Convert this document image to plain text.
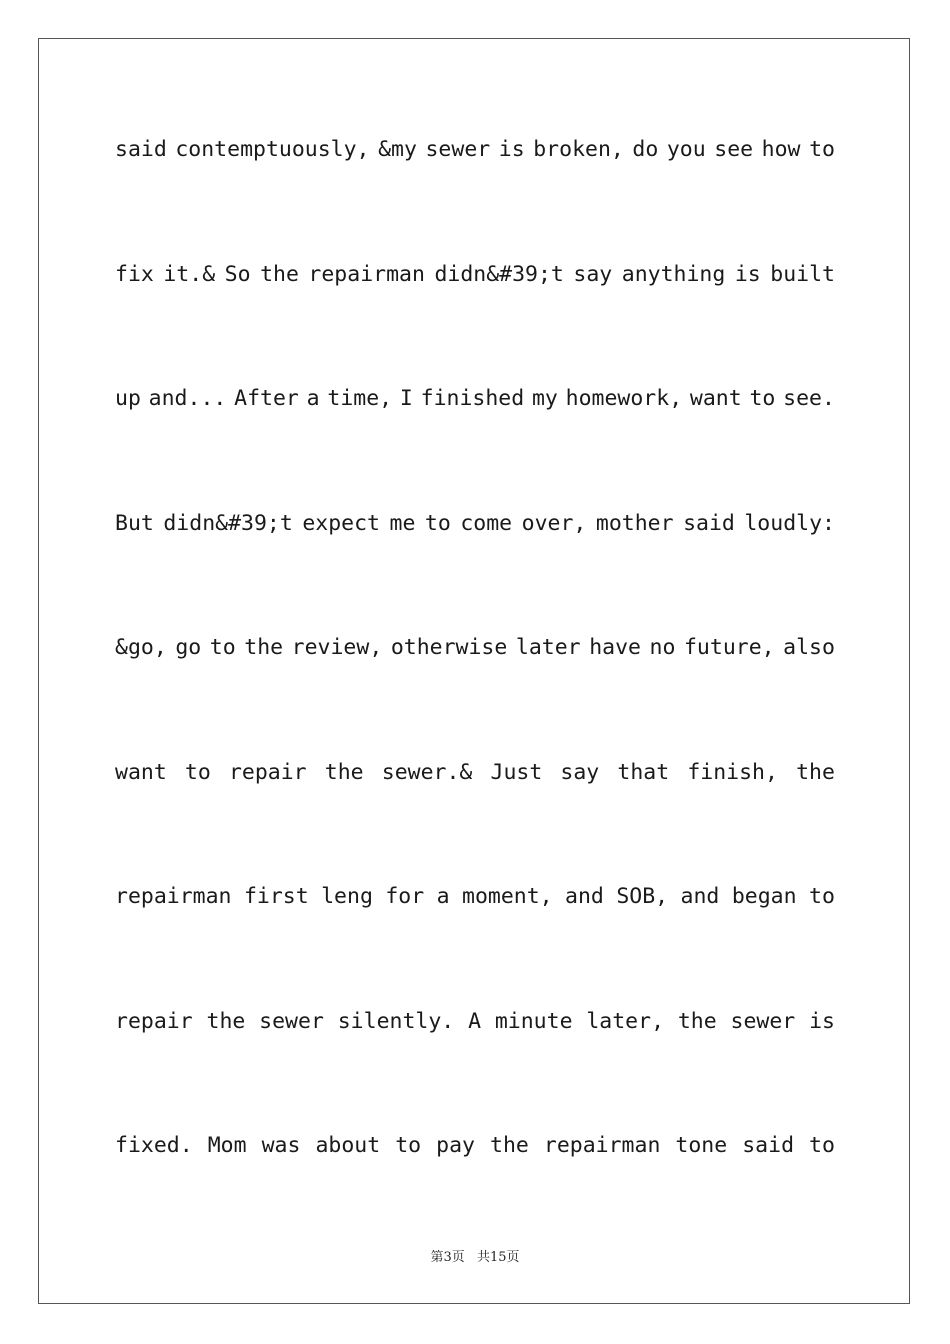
said contemptuously, &my sewer is broken, do you see how to
fix it.& So the repairman didn&#39;t say anything is built
up and... After a time, I finished my homework, want to see.
But didn&#39;t expect me to come over, mother said loudly:
&go, go to the review, otherwise later have no future, also
want to repair the sewer.& Just say that finish, the
repairman first leng for a moment, and SOB, and began to
repair the sewer silently. A minute later, the sewer is
fixed. Mom was about to pay the repairman tone said to
第3页 共15页
